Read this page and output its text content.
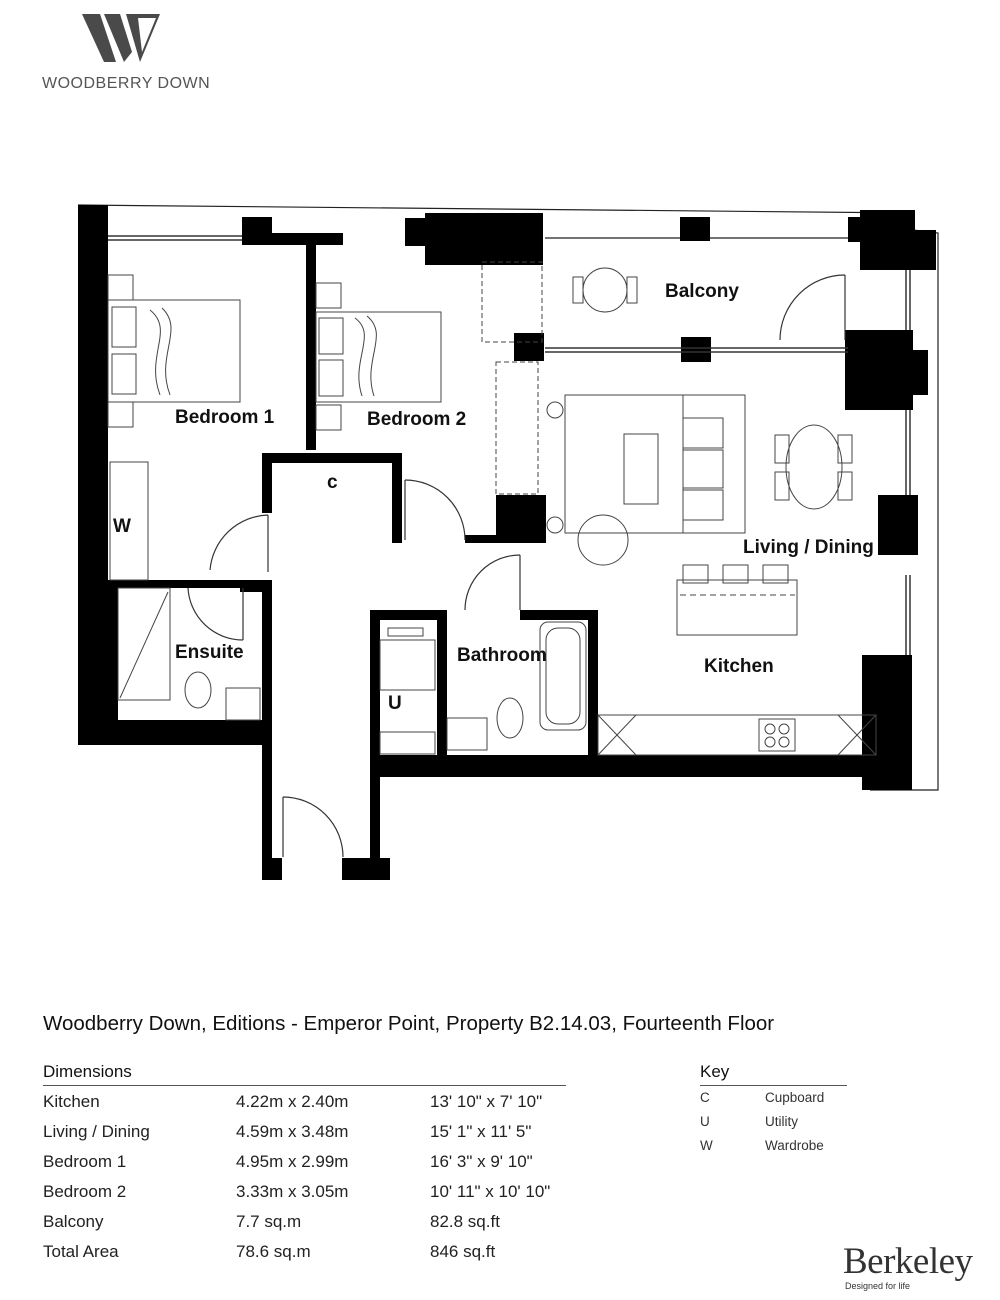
WOODBERRY DOWN
Bedroom 1	Bedroom 2
Balcony
c
W
Ensuite	Bathroom
U
Living / Dining
Kitchen
Woodberry Down, Editions - Emperor Point, Property B2.14.03, Fourteenth Floor
Dimensions
Kitchen	4.22m x 2.40m	13' 10" x 7' 10"
Living / Dining	4.59m x 3.48m	15' 1" x 11' 5"
Bedroom 1	4.95m x 2.99m	16' 3" x 9' 10"
Bedroom 2	3.33m x 3.05m	10' 11" x 10' 10"
Balcony	7.7 sq.m	82.8 sq.ft
Total Area	78.6 sq.m	846 sq.ft
Key
C	Cupboard
U	Utility
W	Wardrobe
Berkeley
Designed for life
